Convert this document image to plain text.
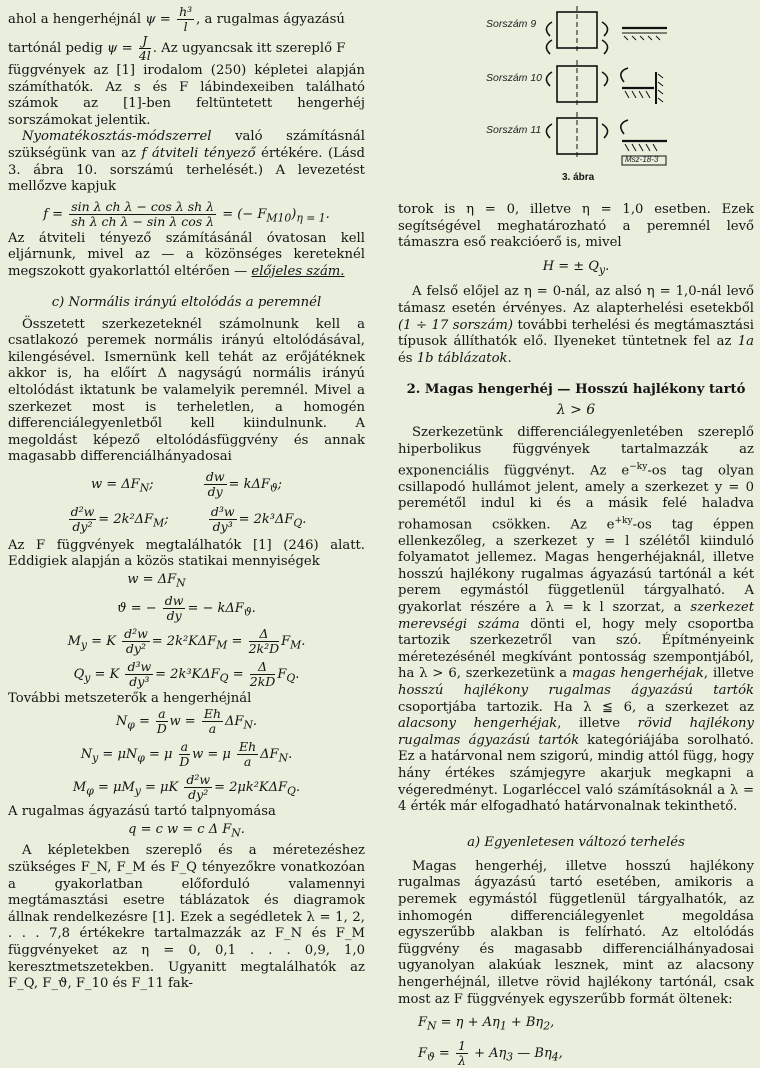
ahol a hengerhéjnál $\psi = \frac{\text{h³}}{l}$ , a rugalmas ágyazású
tartónál pedig $\psi = \frac{J}{4l}$ . Az ugyancsak itt szereplő F

függvények az [1] irodalom (250) képletei alapján számíthatók. Az s és F lábindexeiben található számok az [1]-ben feltüntetett hengerhéj sorszámokat jelentik.

Nyomatékosztás-módszerrel való számításnál szükségünk van az f átviteli tényező értékére. (Lásd 3. ábra 10. sorszámú terhelését.) A levezetést mellőzve kapjuk

$f = \frac{\text{sin λ ch λ − cos λ sh λ}}{\text{sh λ ch λ − sin λ cos λ}}$ = (− $F_{M10})_{\eta = 1}$.

Az átviteli tényező számításánál óvatosan kell eljárnunk, mivel az — a közönséges kereteknél megszokott gyakorlattól eltérően — előjeles szám.

c) Normális irányú eltolódás a peremnél

Összetett szerkezeteknél számolnunk kell a csatlakozó peremek normális irányú eltolódásával, kilengésével. Ismernünk kell tehát az erőjátéknek akkor is, ha előírt Δ nagyságú normális irányú eltolódást iktatunk be valamelyik peremnél. Mivel a szerkezet most is terheletlen, a homogén differenciálegyenletből kell kiindulnunk. A megoldást képező eltolódásfüggvény és annak magasabb differenciálhányadosai

$w = \Delta F_N$;	$\frac{dw}{dy} = k\Delta F_ϑ$;
$\frac{\text{d²w}}{\text{dy²}} = 2k^2\Delta F_M$;	$\frac{\text{d³w}}{\text{dy³}} = 2k^3\Delta F_Q$.

Az F függvények megtalálhatók [1] (246) alatt. Eddigiek alapján a közös statikai mennyiségek

$w = \Delta F_N$
ϑ = − $\frac{dw}{dy}$ = − kΔF$_ϑ$.
$M_y = K \frac{\text{d²w}}{\text{dy²}} = 2k^2K\Delta F_M = \frac{\Delta}{\text{2k²D}} F_M$.
$Q_y = K \frac{\text{d³w}}{\text{dy³}} = 2k^3K\Delta F_Q = \frac{\Delta}{2kD} F_Q$.

További metszeterők a hengerhéjnál

$N_\varphi = \frac{a}{D}$ $w = \frac{Eh}{a} \Delta F_N$.
$N_y = \mu N_\varphi = \mu \frac{a}{D}$ w = μ $\frac{Eh}{a} \Delta F_N$.
$M_\varphi = \mu M_y = \mu K \frac{\text{d²w}}{\text{dy²}} = 2\mu k^2K\Delta F_Q$.

A rugalmas ágyazású tartó talpnyomása

q = c w = c Δ $F_N$.

A képletekben szereplő és a méretezéshez szükséges F_N, F_M és F_Q tényezőkre vonatkozóan a gyakorlatban előforduló valamennyi megtámasztási esetre táblázatok és diagramok állnak rendelkezésre [1]. Ezek a segédletek λ = 1, 2, . . . 7,8 értékekre tartalmazzák az F_N és F_M függvényeket az η = 0, 0,1 . . . 0,9, 1,0 keresztmetszetekben. Ugyanitt megtalálhatók az F_Q, F_ϑ, F_10 és F_11 fak-

Sorszám 9
Sorszám 10
Sorszám 11
Msz-18-3
3. ábra

torok is η = 0, illetve η = 1,0 esetben. Ezek segítségével meghatározható a peremnél levő támaszra eső reakcióerő is, mivel

H = ± $Q_y$.

A felső előjel az η = 0-nál, az alsó η = 1,0-nál levő támasz esetén érvényes. Az alapterhelési esetekből (1 ÷ 17 sorszám) további terhelési és megtámasztási típusok állíthatók elő. Ilyeneket tüntetnek fel az 1a és 1b táblázatok.

2. Magas hengerhéj — Hosszú hajlékony tartó
λ > 6

Szerkezetünk differenciálegyenletében szereplő hiperbolikus függvények tartalmazzák az exponenciális függvényt. Az $e^{-ky}-os$ tag olyan csillapodó hullámot jelent, amely a szerkezet y = 0 peremétől indul ki és a másik felé haladva rohamosan csökken. Az $e^{+ky}-os$ tag éppen ellenkezőleg, a szerkezet y = l szélétől kiinduló folyamatot jellemez. Magas hengerhéjaknál, illetve hosszú hajlékony rugalmas ágyazású tartónál a két perem egymástól függetlenül tárgyalható. A gyakorlat részére a λ = k l szorzat, a szerkezet merevségi száma dönti el, hogy mely csoportba tartozik szerkezetről van szó. Építményeink méretezésénél megkívánt pontosság szempontjából, ha λ > 6, szerkezetünk a magas hengerhéjak, illetve hosszú hajlékony rugalmas ágyazású tartók csoportjába tartozik. Ha λ ≦ 6, a szerkezet az alacsony hengerhéjak, illetve rövid hajlékony rugalmas ágyazású tartók kategóriájába sorolható. Ez a határvonal nem szigorú, mindig attól függ, hogy hány értékes számjegyre akarjuk megkapni a végeredményt. Logarléccel való számításoknál a λ = 4 érték már elfogadható határvonalnak tekinthető.

a) Egyenletesen változó terhelés

Magas hengerhéj, illetve hosszú hajlékony rugalmas ágyazású tartó esetében, amikoris a peremek egymástól függetlenül tárgyalhatók, az inhomogén differenciálegyenlet megoldása egyszerűbb alakban is felírható. Az eltolódás függvény és magasabb differenciálhányadosai ugyanolyan alakúak lesznek, mint az alacsony hengerhéjnál, illetve rövid hajlékony tartónál, csak most az F függvények egyszerűbb formát öltenek:

$F_N = \eta + A\eta_1 + B\eta_2$,
$F_ϑ = \frac{1}{\lambda} + A\eta_3$ — $B\eta_4$,
